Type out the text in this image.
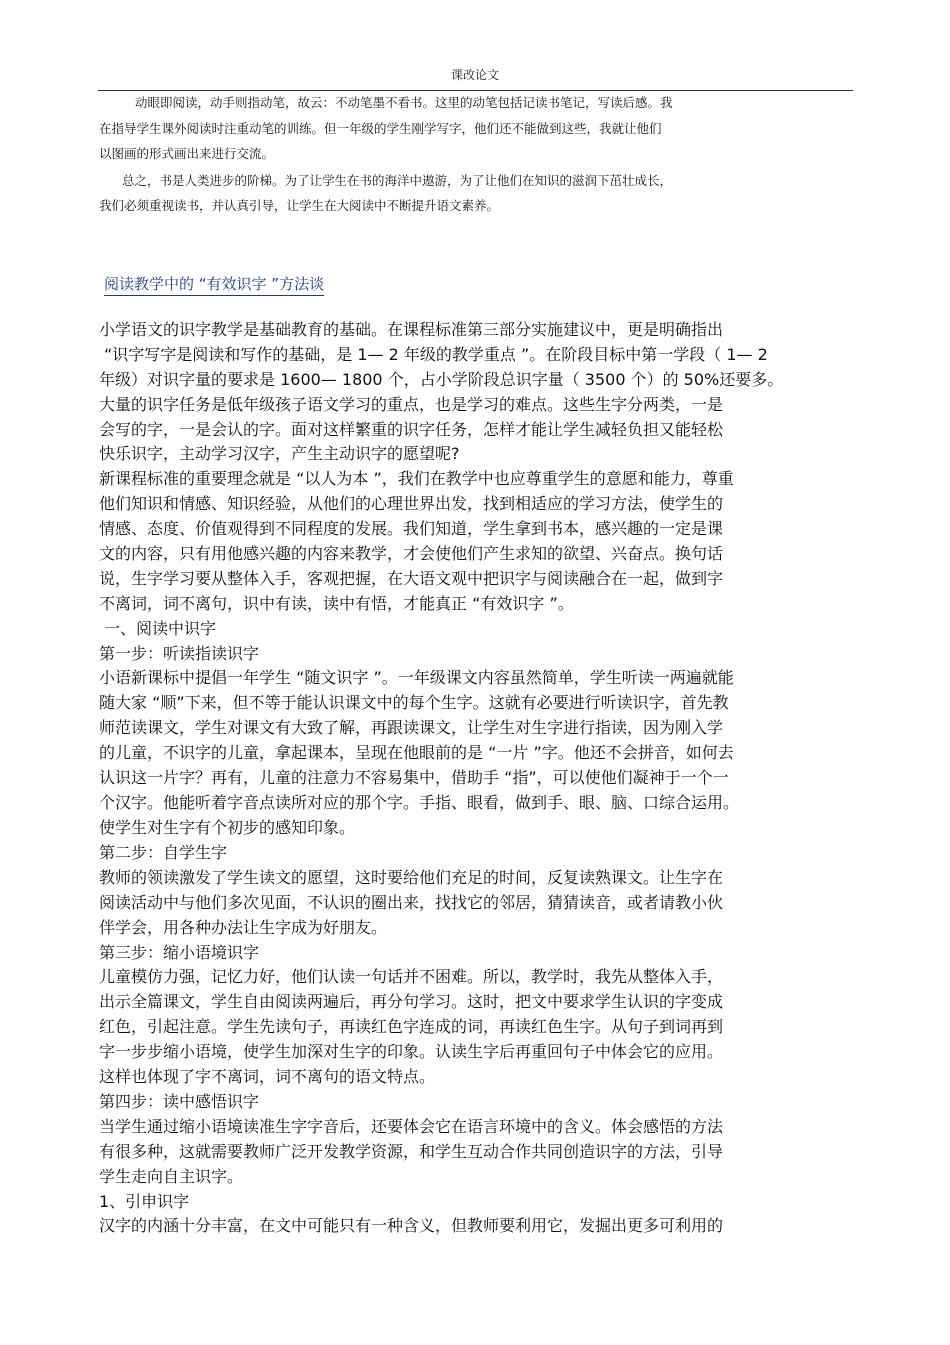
课改论文
动眼即阅读，动手则指动笔，故云：不动笔墨不看书。这里的动笔包括记读书笔记，写读后感。我
在指导学生课外阅读时注重动笔的训练。但一年级的学生刚学写字，他们还不能做到这些，我就让他们
以图画的形式画出来进行交流。
总之，书是人类进步的阶梯。为了让学生在书的海洋中遨游，为了让他们在知识的滋润下茁壮成长，
我们必须重视读书，并认真引导，让学生在大阅读中不断提升语文素养。
阅读教学中的 “有效识字 ”方法谈
小学语文的识字教学是基础教育的基础。在课程标准第三部分实施建议中，更是明确指出
“识字写字是阅读和写作的基础，是 1— 2 年级的教学重点 ”。在阶段目标中第一学段（ 1— 2
年级）对识字量的要求是 1600— 1800 个，占小学阶段总识字量（ 3500 个）的 50%还要多。
大量的识字任务是低年级孩子语文学习的重点，也是学习的难点。这些生字分两类，一是
会写的字，一是会认的字。面对这样繁重的识字任务，怎样才能让学生减轻负担又能轻松
快乐识字，主动学习汉字，产生主动识字的愿望呢?
新课程标准的重要理念就是 “以人为本 ”，我们在教学中也应尊重学生的意愿和能力，尊重
他们知识和情感、知识经验，从他们的心理世界出发，找到相适应的学习方法，使学生的
情感、态度、价值观得到不同程度的发展。我们知道，学生拿到书本，感兴趣的一定是课
文的内容，只有用他感兴趣的内容来教学，才会使他们产生求知的欲望、兴奋点。换句话
说，生字学习要从整体入手，客观把握，在大语文观中把识字与阅读融合在一起，做到字
不离词，词不离句，识中有读，读中有悟，才能真正 “有效识字 ”。
一、阅读中识字
第一步：听读指读识字
小语新课标中提倡一年学生 “随文识字 ”。一年级课文内容虽然简单，学生听读一两遍就能
随大家 “顺”下来，但不等于能认识课文中的每个生字。这就有必要进行听读识字，首先教
师范读课文，学生对课文有大致了解，再跟读课文，让学生对生字进行指读，因为刚入学
的儿童，不识字的儿童，拿起课本，呈现在他眼前的是 “一片 ”字。他还不会拼音，如何去
认识这一片字？再有，儿童的注意力不容易集中，借助手 “指”，可以使他们凝神于一个一
个汉字。他能听着字音点读所对应的那个字。手指、眼看，做到手、眼、脑、口综合运用。
使学生对生字有个初步的感知印象。
第二步：自学生字
教师的领读激发了学生读文的愿望，这时要给他们充足的时间，反复读熟课文。让生字在
阅读活动中与他们多次见面，不认识的圈出来，找找它的邻居，猜猜读音，或者请教小伙
伴学会，用各种办法让生字成为好朋友。
第三步：缩小语境识字
儿童模仿力强，记忆力好，他们认读一句话并不困难。所以，教学时，我先从整体入手，
出示全篇课文，学生自由阅读两遍后，再分句学习。这时，把文中要求学生认识的字变成
红色，引起注意。学生先读句子，再读红色字连成的词，再读红色生字。从句子到词再到
字一步步缩小语境，使学生加深对生字的印象。认读生字后再重回句子中体会它的应用。
这样也体现了字不离词，词不离句的语文特点。
第四步：读中感悟识字
当学生通过缩小语境读准生字字音后，还要体会它在语言环境中的含义。体会感悟的方法
有很多种，这就需要教师广泛开发教学资源，和学生互动合作共同创造识字的方法，引导
学生走向自主识字。
1、引申识字
汉字的内涵十分丰富，在文中可能只有一种含义，但教师要利用它，发掘出更多可利用的
